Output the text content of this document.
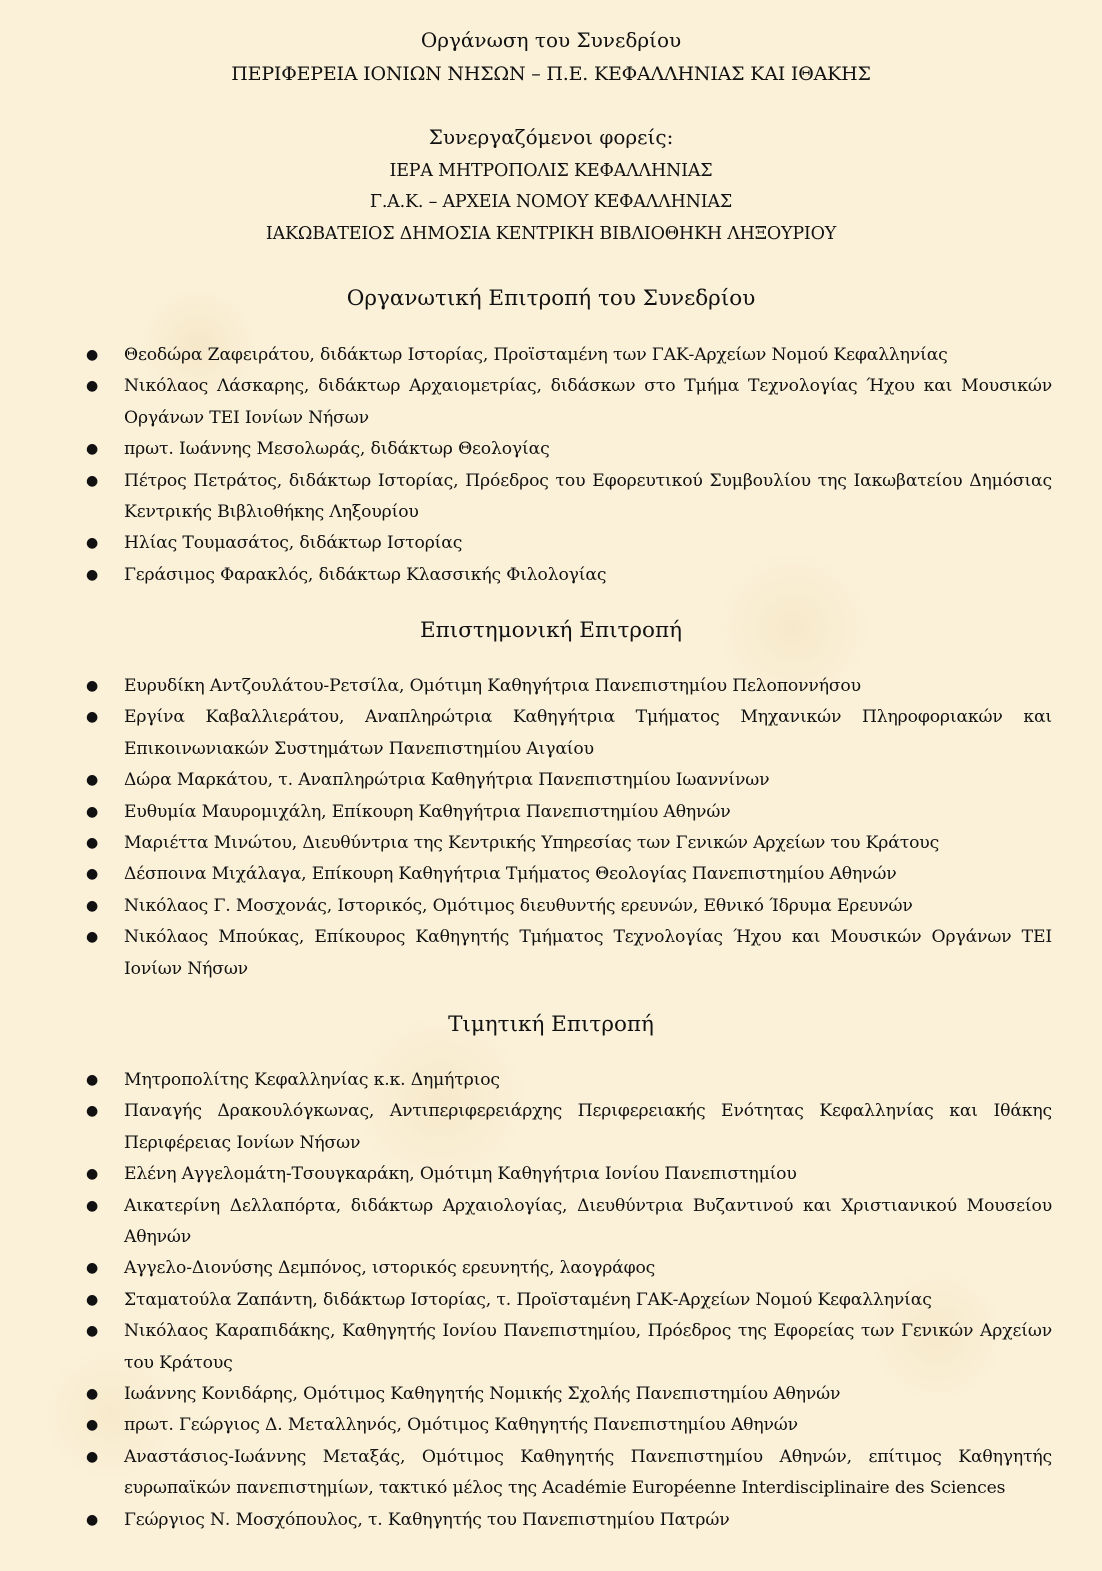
Οργάνωση του Συνεδρίου
ΠΕΡΙΦΕΡΕΙΑ ΙΟΝΙΩΝ ΝΗΣΩΝ – Π.Ε. ΚΕΦΑΛΛΗΝΙΑΣ ΚΑΙ ΙΘΑΚΗΣ
Συνεργαζόμενοι φορείς:
ΙΕΡΑ ΜΗΤΡΟΠΟΛΙΣ ΚΕΦΑΛΛΗΝΙΑΣ
Γ.Α.Κ. – ΑΡΧΕΙΑ ΝΟΜΟΥ ΚΕΦΑΛΛΗΝΙΑΣ
ΙΑΚΩΒΑΤΕΙΟΣ ΔΗΜΟΣΙΑ ΚΕΝΤΡΙΚΗ ΒΙΒΛΙΟΘΗΚΗ ΛΗΞΟΥΡΙΟΥ
Οργανωτική Επιτροπή του Συνεδρίου
● Θεοδώρα Ζαφειράτου, διδάκτωρ Ιστορίας, Προϊσταμένη των ΓΑΚ-Αρχείων Νομού Κεφαλληνίας
● Νικόλαος Λάσκαρης, διδάκτωρ Αρχαιομετρίας, διδάσκων στο Τμήμα Τεχνολογίας Ήχου και Μουσικών Οργάνων ΤΕΙ Ιονίων Νήσων
● πρωτ. Ιωάννης Μεσολωράς, διδάκτωρ Θεολογίας
● Πέτρος Πετράτος, διδάκτωρ Ιστορίας, Πρόεδρος του Εφορευτικού Συμβουλίου της Ιακωβατείου Δημόσιας Κεντρικής Βιβλιοθήκης Ληξουρίου
● Ηλίας Τουμασάτος, διδάκτωρ Ιστορίας
● Γεράσιμος Φαρακλός, διδάκτωρ Κλασσικής Φιλολογίας
Επιστημονική Επιτροπή
● Ευρυδίκη Αντζουλάτου-Ρετσίλα, Ομότιμη Καθηγήτρια Πανεπιστημίου Πελοποννήσου
● Εργίνα Καβαλλιεράτου, Αναπληρώτρια Καθηγήτρια Τμήματος Μηχανικών Πληροφοριακών και Επικοινωνιακών Συστημάτων Πανεπιστημίου Αιγαίου
● Δώρα Μαρκάτου, τ. Αναπληρώτρια Καθηγήτρια Πανεπιστημίου Ιωαννίνων
● Ευθυμία Μαυρομιχάλη, Επίκουρη Καθηγήτρια Πανεπιστημίου Αθηνών
● Μαριέττα Μινώτου, Διευθύντρια της Κεντρικής Υπηρεσίας των Γενικών Αρχείων του Κράτους
● Δέσποινα Μιχάλαγα, Επίκουρη Καθηγήτρια Τμήματος Θεολογίας Πανεπιστημίου Αθηνών
● Νικόλαος Γ. Μοσχονάς, Ιστορικός, Ομότιμος διευθυντής ερευνών, Εθνικό Ίδρυμα Ερευνών
● Νικόλαος Μπούκας, Επίκουρος Καθηγητής Τμήματος Τεχνολογίας Ήχου και Μουσικών Οργάνων ΤΕΙ Ιονίων Νήσων
Τιμητική Επιτροπή
● Μητροπολίτης Κεφαλληνίας κ.κ. Δημήτριος
● Παναγής Δρακουλόγκωνας, Αντιπεριφερειάρχης Περιφερειακής Ενότητας Κεφαλληνίας και Ιθάκης Περιφέρειας Ιονίων Νήσων
● Ελένη Αγγελομάτη-Τσουγκαράκη, Ομότιμη Καθηγήτρια Ιονίου Πανεπιστημίου
● Αικατερίνη Δελλαπόρτα, διδάκτωρ Αρχαιολογίας, Διευθύντρια Βυζαντινού και Χριστιανικού Μουσείου Αθηνών
● Αγγελο-Διονύσης Δεμπόνος, ιστορικός ερευνητής, λαογράφος
● Σταματούλα Ζαπάντη, διδάκτωρ Ιστορίας, τ. Προϊσταμένη ΓΑΚ-Αρχείων Νομού Κεφαλληνίας
● Νικόλαος Καραπιδάκης, Καθηγητής Ιονίου Πανεπιστημίου, Πρόεδρος της Εφορείας των Γενικών Αρχείων του Κράτους
● Ιωάννης Κονιδάρης, Ομότιμος Καθηγητής Νομικής Σχολής Πανεπιστημίου Αθηνών
● πρωτ. Γεώργιος Δ. Μεταλληνός, Ομότιμος Καθηγητής Πανεπιστημίου Αθηνών
● Αναστάσιος-Ιωάννης Μεταξάς, Ομότιμος Καθηγητής Πανεπιστημίου Αθηνών, επίτιμος Καθηγητής ευρωπαϊκών πανεπιστημίων, τακτικό μέλος της Académie Européenne Interdisciplinaire des Sciences
● Γεώργιος Ν. Μοσχόπουλος, τ. Καθηγητής του Πανεπιστημίου Πατρών
